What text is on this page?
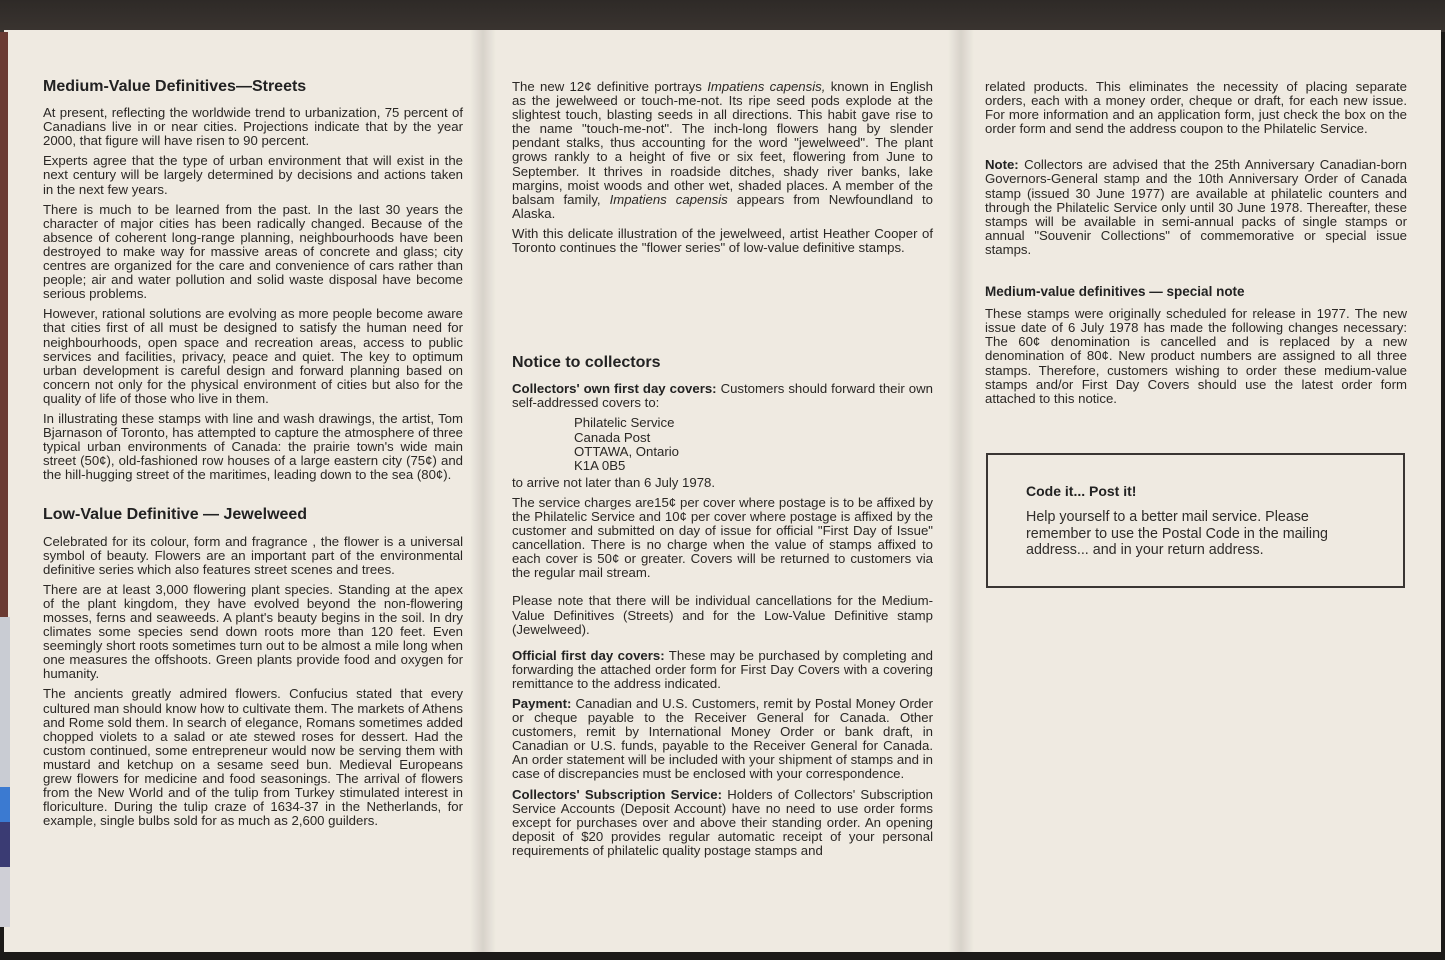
Medium-Value Definitives—Streets

At present, reflecting the worldwide trend to urbanization, 75 percent of Canadians live in or near cities. Projections indicate that by the year 2000, that figure will have risen to 90 percent.

Experts agree that the type of urban environment that will exist in the next century will be largely determined by decisions and actions taken in the next few years.

There is much to be learned from the past. In the last 30 years the character of major cities has been radically changed. Because of the absence of coherent long-range planning, neighbourhoods have been destroyed to make way for massive areas of concrete and glass; city centres are organized for the care and convenience of cars rather than people; air and water pollution and solid waste disposal have become serious problems.

However, rational solutions are evolving as more people become aware that cities first of all must be designed to satisfy the human need for neighbourhoods, open space and recreation areas, access to public services and facilities, privacy, peace and quiet. The key to optimum urban development is careful design and forward planning based on concern not only for the physical environment of cities but also for the quality of life of those who live in them.

In illustrating these stamps with line and wash drawings, the artist, Tom Bjarnason of Toronto, has attempted to capture the atmosphere of three typical urban environments of Canada: the prairie town's wide main street (50¢), old-fashioned row houses of a large eastern city (75¢) and the hill-hugging street of the maritimes, leading down to the sea (80¢).

Low-Value Definitive — Jewelweed

Celebrated for its colour, form and fragrance , the flower is a universal symbol of beauty. Flowers are an important part of the environmental definitive series which also features street scenes and trees.

There are at least 3,000 flowering plant species. Standing at the apex of the plant kingdom, they have evolved beyond the non-flowering mosses, ferns and seaweeds. A plant's beauty begins in the soil. In dry climates some species send down roots more than 120 feet. Even seemingly short roots sometimes turn out to be almost a mile long when one measures the offshoots. Green plants provide food and oxygen for humanity.

The ancients greatly admired flowers. Confucius stated that every cultured man should know how to cultivate them. The markets of Athens and Rome sold them. In search of elegance, Romans sometimes added chopped violets to a salad or ate stewed roses for dessert. Had the custom continued, some entrepreneur would now be serving them with mustard and ketchup on a sesame seed bun. Medieval Europeans grew flowers for medicine and food seasonings. The arrival of flowers from the New World and of the tulip from Turkey stimulated interest in floriculture. During the tulip craze of 1634-37 in the Netherlands, for example, single bulbs sold for as much as 2,600 guilders.

The new 12¢ definitive portrays Impatiens capensis, known in English as the jewelweed or touch-me-not. Its ripe seed pods explode at the slightest touch, blasting seeds in all directions. This habit gave rise to the name "touch-me-not". The inch-long flowers hang by slender pendant stalks, thus accounting for the word "jewelweed". The plant grows rankly to a height of five or six feet, flowering from June to September. It thrives in roadside ditches, shady river banks, lake margins, moist woods and other wet, shaded places. A member of the balsam family, Impatiens capensis appears from Newfoundland to Alaska.

With this delicate illustration of the jewelweed, artist Heather Cooper of Toronto continues the "flower series" of low-value definitive stamps.

Notice to collectors

Collectors' own first day covers: Customers should forward their own self-addressed covers to:

Philatelic Service
Canada Post
OTTAWA, Ontario
K1A 0B5

to arrive not later than 6 July 1978.

The service charges are15¢ per cover where postage is to be affixed by the Philatelic Service and 10¢ per cover where postage is affixed by the customer and submitted on day of issue for official "First Day of Issue" cancellation. There is no charge when the value of stamps affixed to each cover is 50¢ or greater. Covers will be returned to customers via the regular mail stream.

Please note that there will be individual cancellations for the Medium-Value Definitives (Streets) and for the Low-Value Definitive stamp (Jewelweed).

Official first day covers: These may be purchased by completing and forwarding the attached order form for First Day Covers with a covering remittance to the address indicated.

Payment: Canadian and U.S. Customers, remit by Postal Money Order or cheque payable to the Receiver General for Canada. Other customers, remit by International Money Order or bank draft, in Canadian or U.S. funds, payable to the Receiver General for Canada. An order statement will be included with your shipment of stamps and in case of discrepancies must be enclosed with your correspondence.

Collectors' Subscription Service: Holders of Collectors' Subscription Service Accounts (Deposit Account) have no need to use order forms except for purchases over and above their standing order. An opening deposit of $20 provides regular automatic receipt of your personal requirements of philatelic quality postage stamps and

related products. This eliminates the necessity of placing separate orders, each with a money order, cheque or draft, for each new issue. For more information and an application form, just check the box on the order form and send the address coupon to the Philatelic Service.

Note: Collectors are advised that the 25th Anniversary Canadian-born Governors-General stamp and the 10th Anniversary Order of Canada stamp (issued 30 June 1977) are available at philatelic counters and through the Philatelic Service only until 30 June 1978. Thereafter, these stamps will be available in semi-annual packs of single stamps or annual "Souvenir Collections" of commemorative or special issue stamps.

Medium-value definitives — special note

These stamps were originally scheduled for release in 1977. The new issue date of 6 July 1978 has made the following changes necessary: The 60¢ denomination is cancelled and is replaced by a new denomination of 80¢. New product numbers are assigned to all three stamps. Therefore, customers wishing to order these medium-value stamps and/or First Day Covers should use the latest order form attached to this notice.

Code it... Post it!
Help yourself to a better mail service. Please remember to use the Postal Code in the mailing address... and in your return address.
